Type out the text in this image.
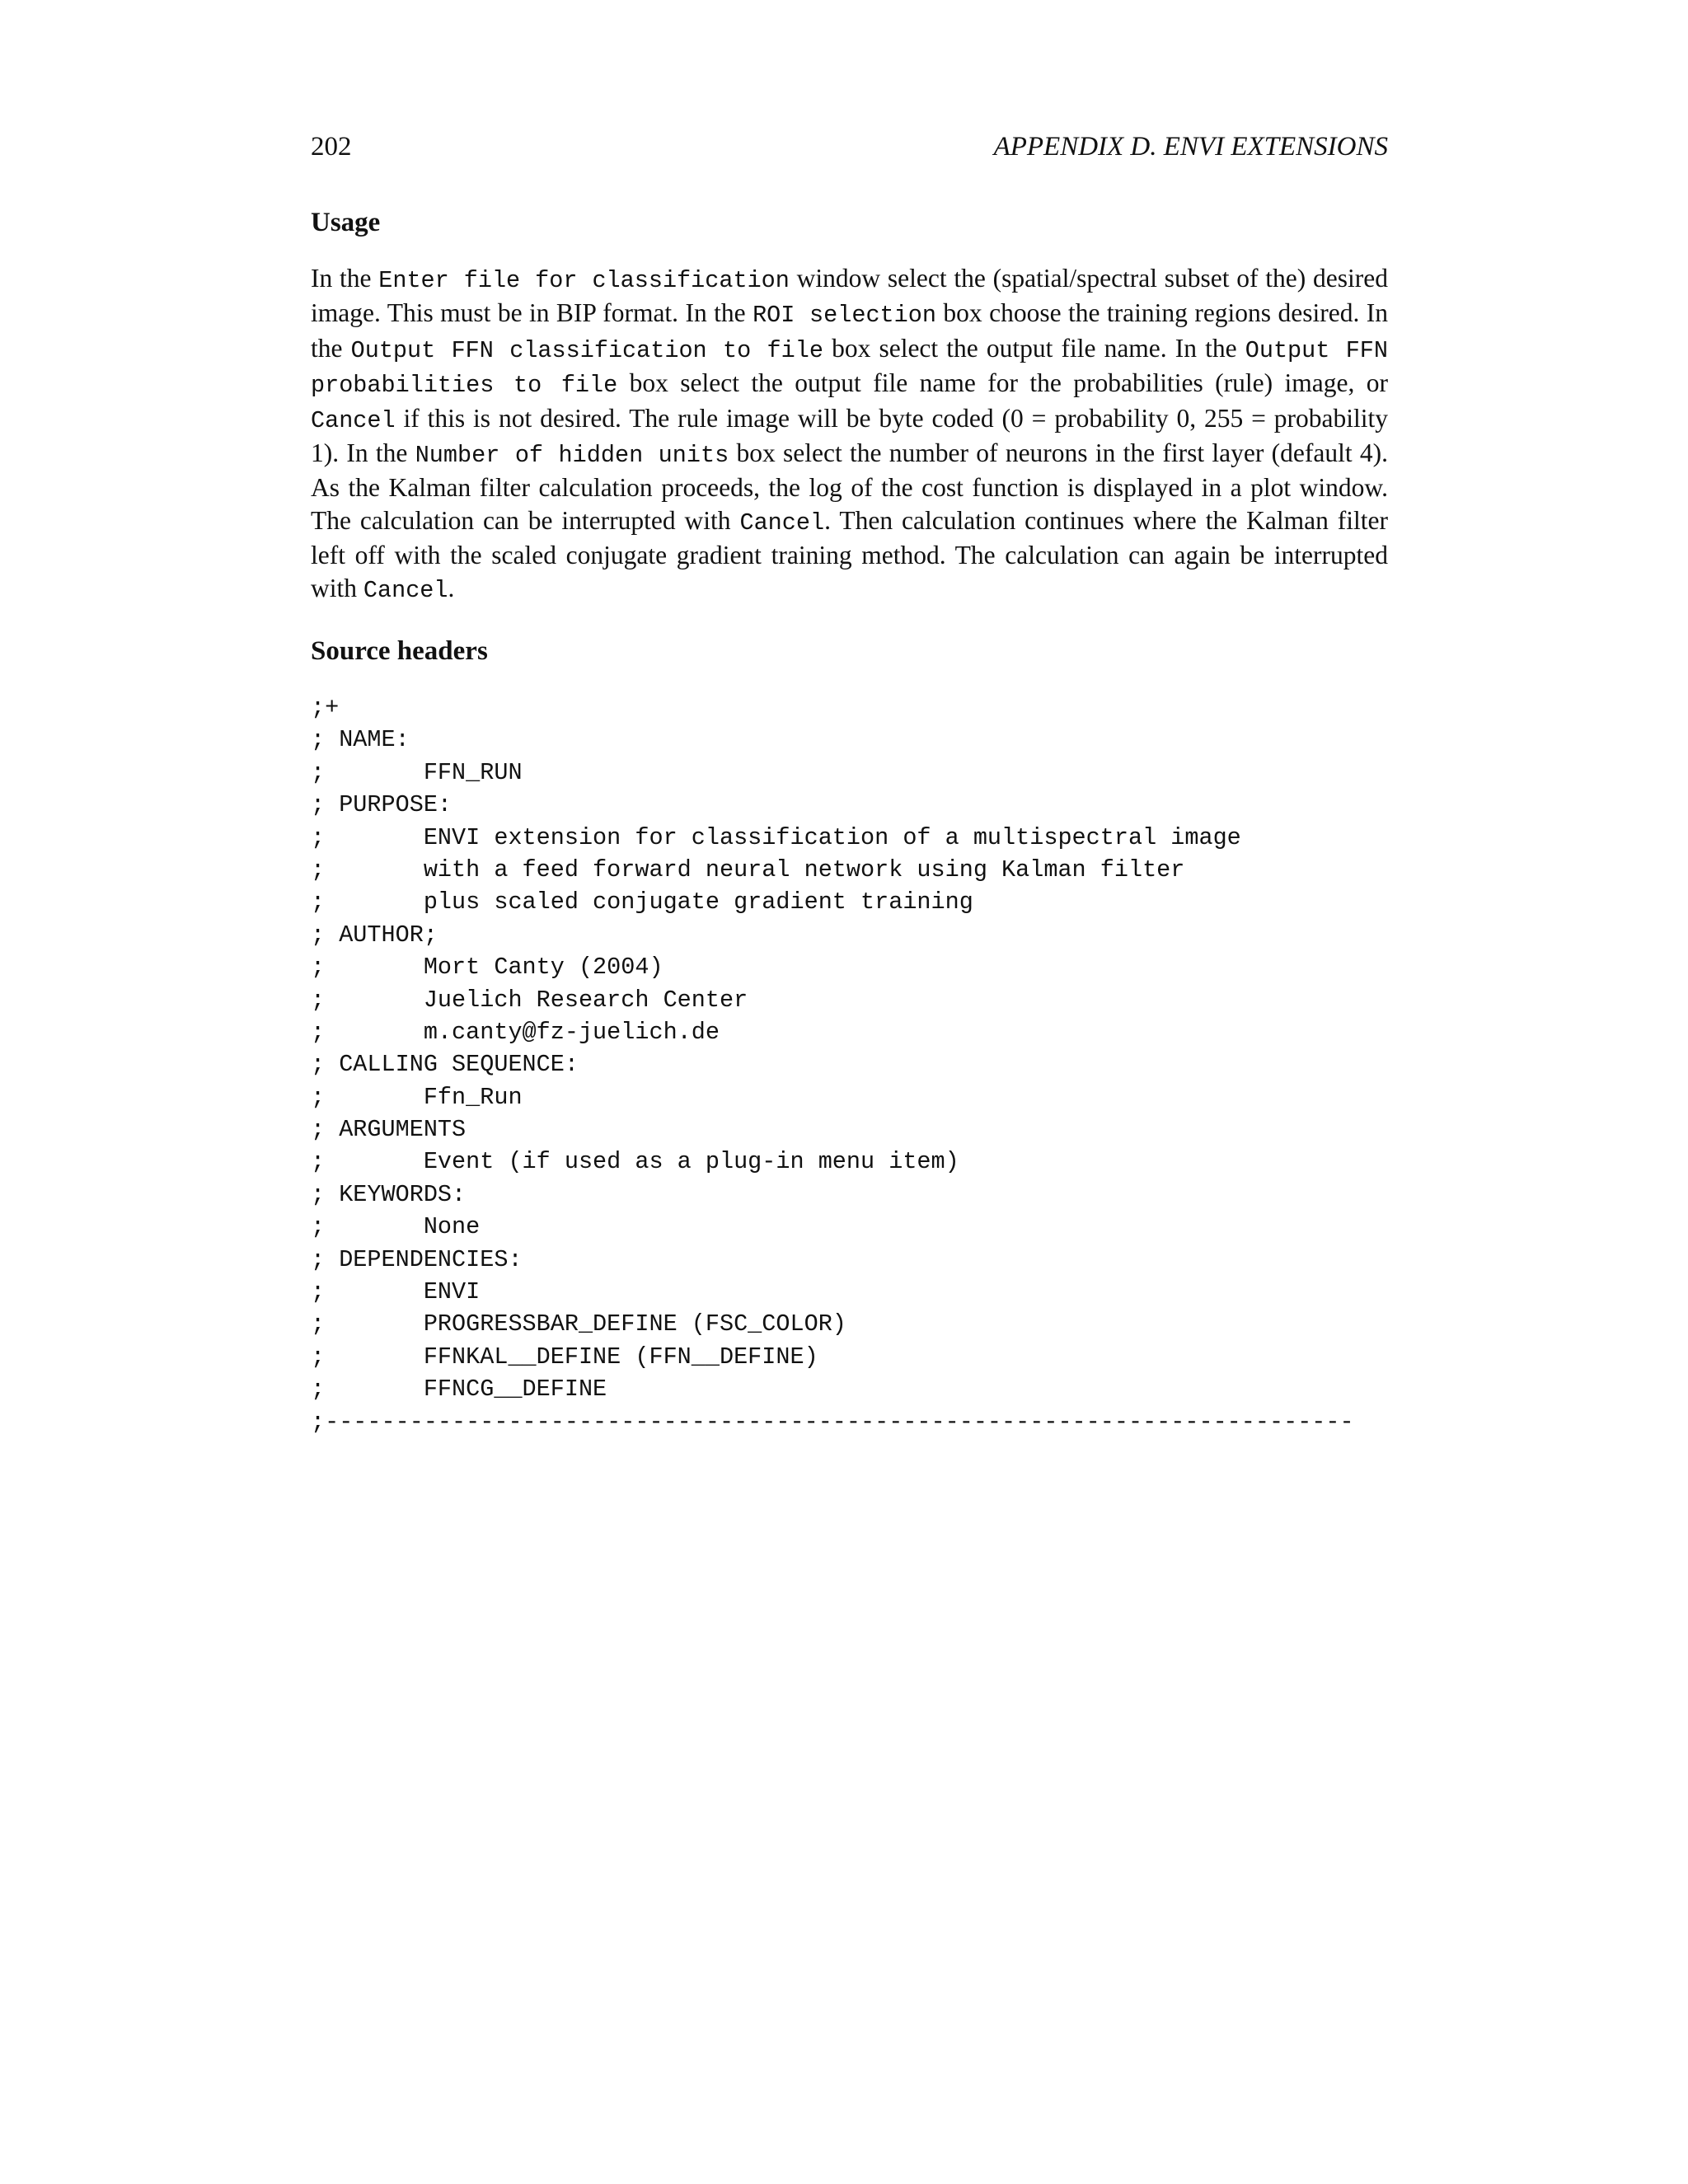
202	APPENDIX D. ENVI EXTENSIONS
Usage

In the Enter file for classification window select the (spatial/spectral subset of the) desired image. This must be in BIP format. In the ROI selection box choose the training regions desired. In the Output FFN classification to file box select the output file name. In the Output FFN probabilities to file box select the output file name for the probabilities (rule) image, or Cancel if this is not desired. The rule image will be byte coded (0 = probability 0, 255 = probability 1). In the Number of hidden units box select the number of neurons in the first layer (default 4). As the Kalman filter calculation proceeds, the log of the cost function is displayed in a plot window. The calculation can be interrupted with Cancel. Then calculation continues where the Kalman filter left off with the scaled conjugate gradient training method. The calculation can again be interrupted with Cancel.

Source headers
;+
; NAME:
;       FFN_RUN
; PURPOSE:
;       ENVI extension for classification of a multispectral image
;       with a feed forward neural network using Kalman filter
;       plus scaled conjugate gradient training
; AUTHOR;
;       Mort Canty (2004)
;       Juelich Research Center
;       m.canty@fz-juelich.de
; CALLING SEQUENCE:
;       Ffn_Run
; ARGUMENTS
;       Event (if used as a plug-in menu item)
; KEYWORDS:
;       None
; DEPENDENCIES:
;       ENVI
;       PROGRESSBAR_DEFINE (FSC_COLOR)
;       FFNKAL__DEFINE (FFN__DEFINE)
;       FFNCG__DEFINE
;-------------------------------------------------------------------------
